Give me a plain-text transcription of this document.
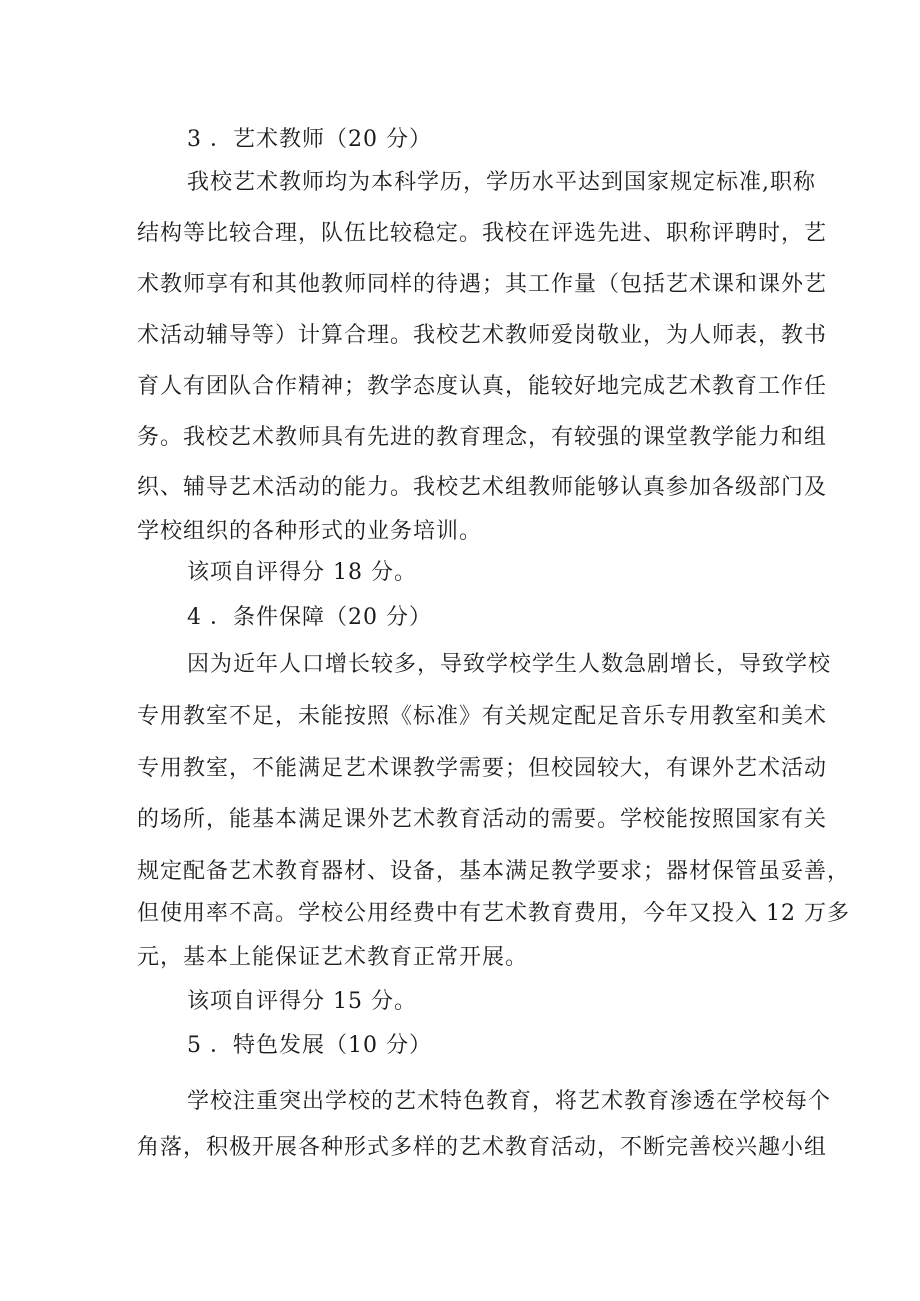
3 ．艺术教师（20 分）
我校艺术教师均为本科学历，学历水平达到国家规定标准,职称
结构等比较合理，队伍比较稳定。我校在评选先进、职称评聘时，艺
术教师享有和其他教师同样的待遇；其工作量（包括艺术课和课外艺
术活动辅导等）计算合理。我校艺术教师爱岗敬业，为人师表，教书
育人有团队合作精神；教学态度认真，能较好地完成艺术教育工作任
务。我校艺术教师具有先进的教育理念，有较强的课堂教学能力和组
织、辅导艺术活动的能力。我校艺术组教师能够认真参加各级部门及
学校组织的各种形式的业务培训。
该项自评得分 18 分。
4 ．条件保障（20 分）
因为近年人口增长较多，导致学校学生人数急剧增长，导致学校
专用教室不足，未能按照《标准》有关规定配足音乐专用教室和美术
专用教室，不能满足艺术课教学需要；但校园较大，有课外艺术活动
的场所，能基本满足课外艺术教育活动的需要。学校能按照国家有关
规定配备艺术教育器材、设备，基本满足教学要求；器材保管虽妥善，
但使用率不高。学校公用经费中有艺术教育费用，今年又投入 12 万多
元，基本上能保证艺术教育正常开展。
该项自评得分 15 分。
5 ．特色发展（10 分）
学校注重突出学校的艺术特色教育，将艺术教育渗透在学校每个
角落，积极开展各种形式多样的艺术教育活动，不断完善校兴趣小组
